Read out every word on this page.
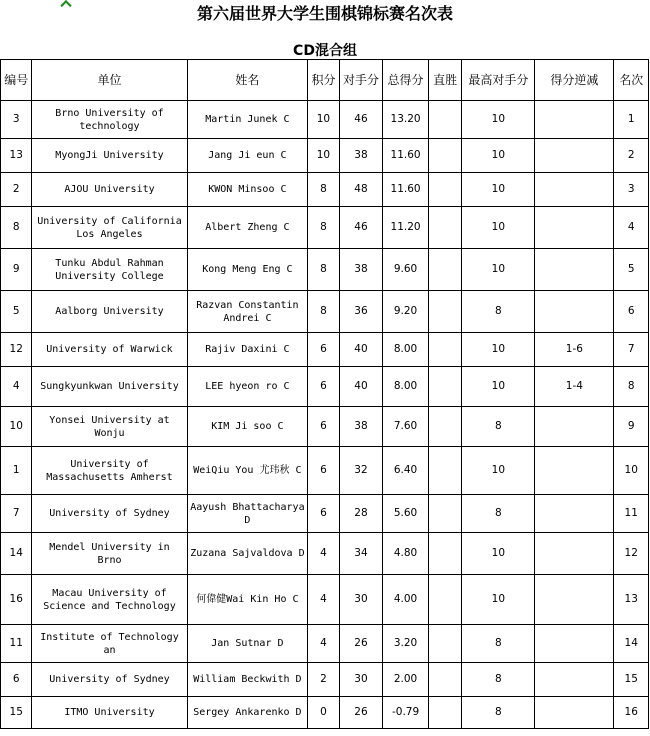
第六届世界大学生围棋锦标赛名次表
CD混合组
编号	单位	姓名	积分	对手分	总得分	直胜	最高对手分	得分逆减	名次
3	Brno University of technology	Martin Junek C	10	46	13.20		10		1
13	MyongJi University	Jang Ji eun C	10	38	11.60		10		2
2	AJOU University	KWON Minsoo C	8	48	11.60		10		3
8	University of California Los Angeles	Albert Zheng C	8	46	11.20		10		4
9	Tunku Abdul Rahman University College	Kong Meng Eng C	8	38	9.60		10		5
5	Aalborg University	Razvan Constantin Andrei C	8	36	9.20		8		6
12	University of Warwick	Rajiv Daxini C	6	40	8.00		10	1-6	7
4	Sungkyunkwan University	LEE hyeon ro C	6	40	8.00		10	1-4	8
10	Yonsei University at Wonju	KIM Ji soo C	6	38	7.60		8		9
1	University of Massachusetts Amherst	WeiQiu You 尤玮秋 C	6	32	6.40		10		10
7	University of Sydney	Aayush Bhattacharya D	6	28	5.60		8		11
14	Mendel University in Brno	Zuzana Sajvaldova D	4	34	4.80		10		12
16	Macau University of Science and Technology	何偉健Wai Kin Ho C	4	30	4.00		10		13
11	Institute of Technology an	Jan Sutnar D	4	26	3.20		8		14
6	University of Sydney	William Beckwith D	2	30	2.00		8		15
15	ITMO University	Sergey Ankarenko D	0	26	-0.79		8		16
